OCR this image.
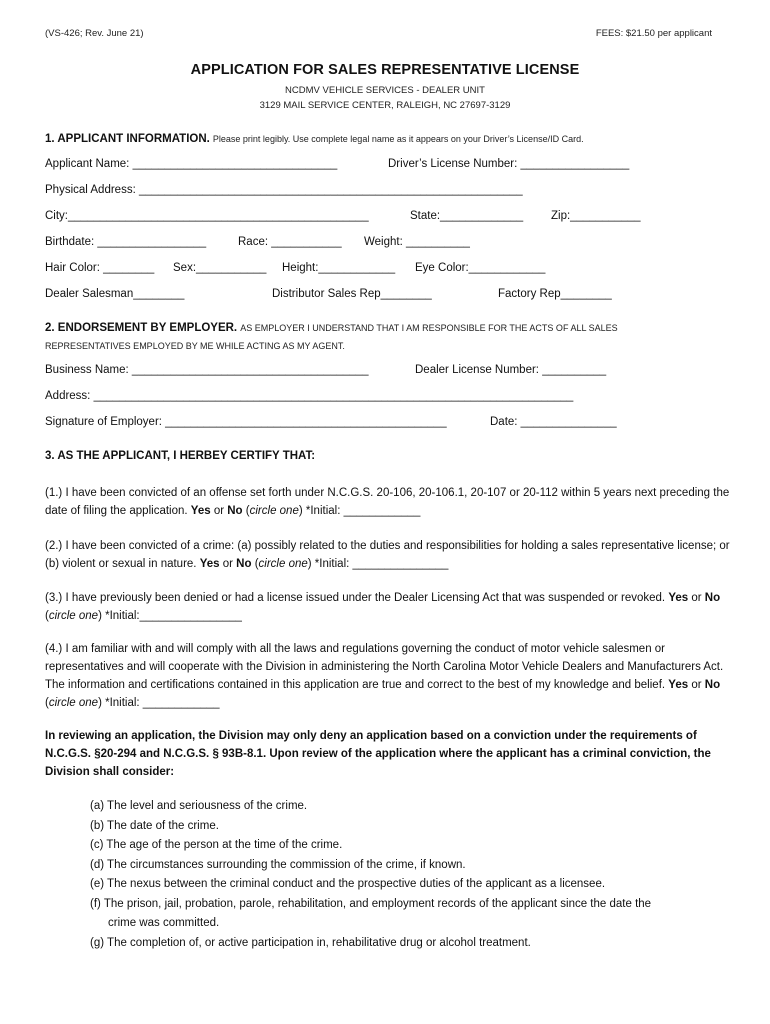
(VS-426; Rev. June 21)	FEES: $21.50 per applicant
APPLICATION FOR SALES REPRESENTATIVE LICENSE
NCDMV VEHICLE SERVICES - DEALER UNIT
3129 MAIL SERVICE CENTER, RALEIGH, NC 27697-3129
1. APPLICANT INFORMATION. Please print legibly. Use complete legal name as it appears on your Driver’s License/ID Card.
Applicant Name: ________________________________	Driver’s License Number: _________________
Physical Address: ____________________________________________________________
City:_______________________________________________	State:_____________ Zip:___________
Birthdate: _________________	Race: ___________ Weight: __________
Hair Color: ________ Sex:___________ Height:____________ Eye Color:____________
Dealer Salesman________	Distributor Sales Rep________	Factory Rep________
2. ENDORSEMENT BY EMPLOYER. AS EMPLOYER I UNDERSTAND THAT I AM RESPONSIBLE FOR THE ACTS OF ALL SALES
REPRESENTATIVES EMPLOYED BY ME WHILE ACTING AS MY AGENT.
Business Name: _____________________________________	Dealer License Number: __________
Address: ___________________________________________________________________________
Signature of Employer: ____________________________________________	Date: _______________
3. AS THE APPLICANT, I HERBEY CERTIFY THAT:
(1.) I have been convicted of an offense set forth under N.C.G.S. 20-106, 20-106.1, 20-107 or 20-112 within 5 years next preceding the date of filing the application. Yes or No (circle one) *Initial: ____________
(2.) I have been convicted of a crime: (a) possibly related to the duties and responsibilities for holding a sales representative license; or (b) violent or sexual in nature. Yes or No (circle one) *Initial: _______________
(3.) I have previously been denied or had a license issued under the Dealer Licensing Act that was suspended or revoked. Yes or No (circle one) *Initial:________________
(4.) I am familiar with and will comply with all the laws and regulations governing the conduct of motor vehicle salesmen or representatives and will cooperate with the Division in administering the North Carolina Motor Vehicle Dealers and Manufacturers Act. The information and certifications contained in this application are true and correct to the best of my knowledge and belief. Yes or No (circle one) *Initial: ____________
In reviewing an application, the Division may only deny an application based on a conviction under the requirements of N.C.G.S. §20-294 and N.C.G.S. § 93B-8.1. Upon review of the application where the applicant has a criminal conviction, the Division shall consider:
(a) The level and seriousness of the crime.
(b) The date of the crime.
(c) The age of the person at the time of the crime.
(d) The circumstances surrounding the commission of the crime, if known.
(e) The nexus between the criminal conduct and the prospective duties of the applicant as a licensee.
(f) The prison, jail, probation, parole, rehabilitation, and employment records of the applicant since the date the
crime was committed.
(g) The completion of, or active participation in, rehabilitative drug or alcohol treatment.
